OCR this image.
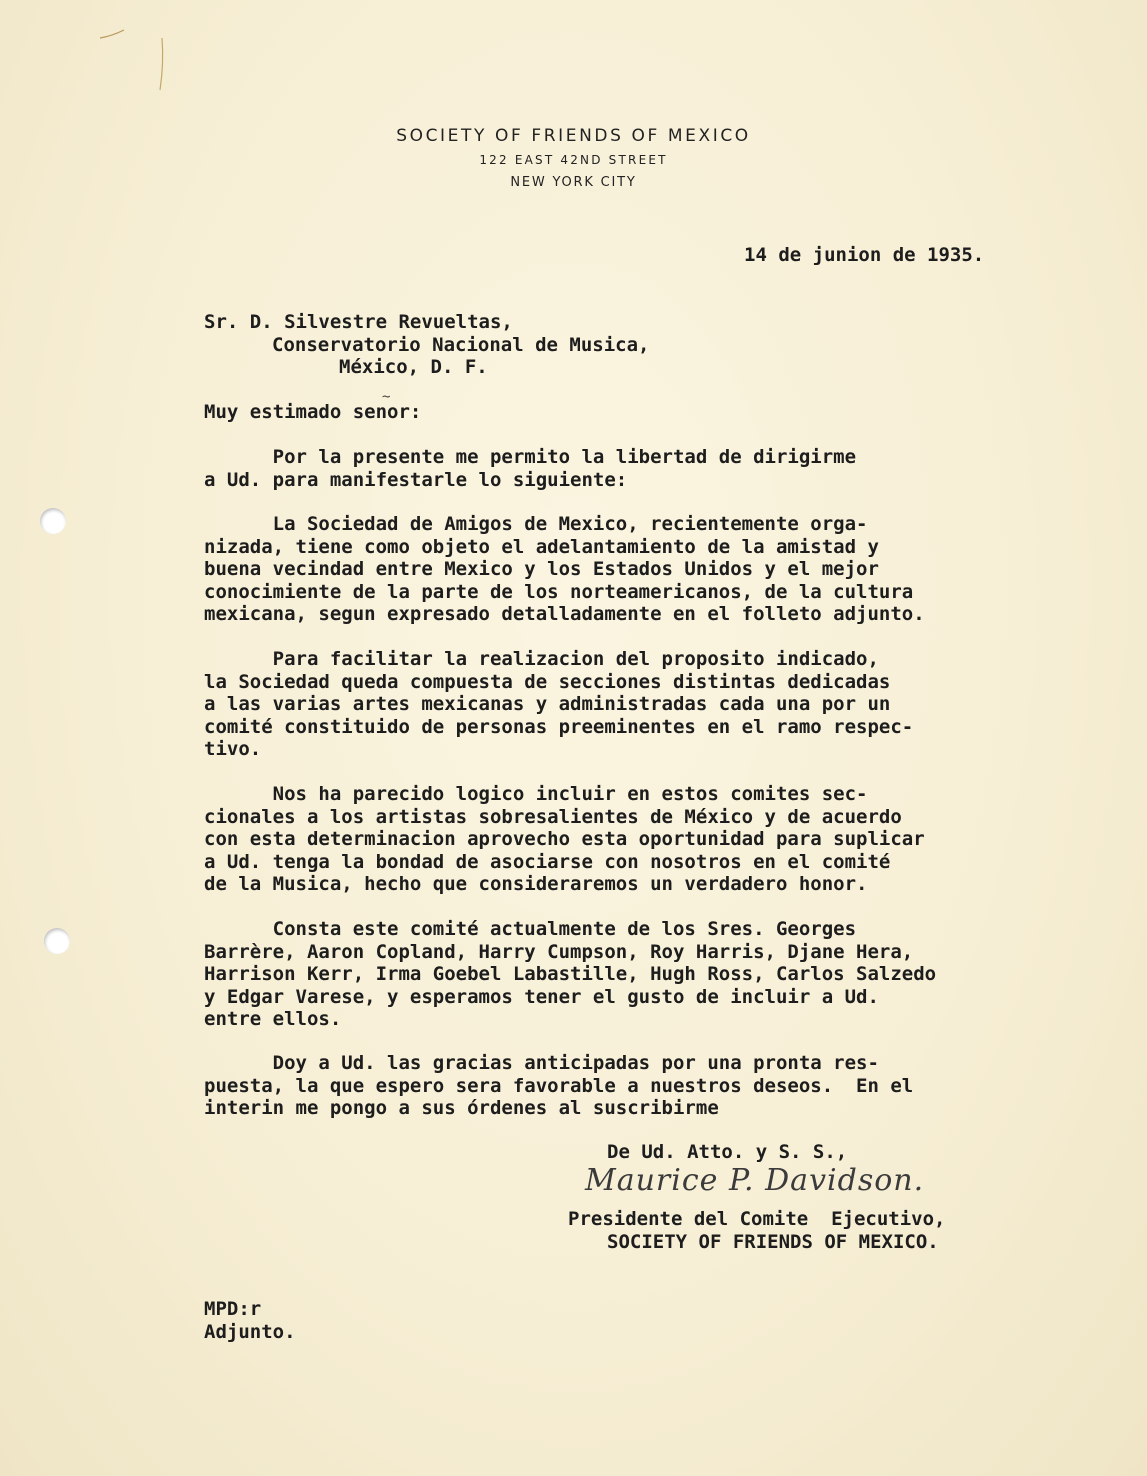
SOCIETY OF FRIENDS OF MEXICO
122 EAST 42ND STREET
NEW YORK CITY
14 de junion de 1935.
Sr. D. Silvestre Revueltas,
Conservatorio Nacional de Musica,
México, D. F.
Muy estimado senor:
~
Por la presente me permito la libertad de dirigirme
a Ud. para manifestarle lo siguiente:
La Sociedad de Amigos de Mexico, recientemente orga-
nizada, tiene como objeto el adelantamiento de la amistad y
buena vecindad entre Mexico y los Estados Unidos y el mejor
conocimiente de la parte de los norteamericanos, de la cultura
mexicana, segun expresado detalladamente en el folleto adjunto.
Para facilitar la realizacion del proposito indicado,
la Sociedad queda compuesta de secciones distintas dedicadas
a las varias artes mexicanas y administradas cada una por un
comité constituido de personas preeminentes en el ramo respec-
tivo.
Nos ha parecido logico incluir en estos comites sec-
cionales a los artistas sobresalientes de México y de acuerdo
con esta determinacion aprovecho esta oportunidad para suplicar
a Ud. tenga la bondad de asociarse con nosotros en el comité
de la Musica, hecho que consideraremos un verdadero honor.
Consta este comité actualmente de los Sres. Georges
Barrère, Aaron Copland, Harry Cumpson, Roy Harris, Djane Hera,
Harrison Kerr, Irma Goebel Labastille, Hugh Ross, Carlos Salzedo
y Edgar Varese, y esperamos tener el gusto de incluir a Ud.
entre ellos.
Doy a Ud. las gracias anticipadas por una pronta res-
puesta, la que espero sera favorable a nuestros deseos.  En el
interin me pongo a sus órdenes al suscribirme
De Ud. Atto. y S. S.,
Maurice P. Davidson.
Presidente del Comite  Ejecutivo,
SOCIETY OF FRIENDS OF MEXICO.
MPD:r
Adjunto.
